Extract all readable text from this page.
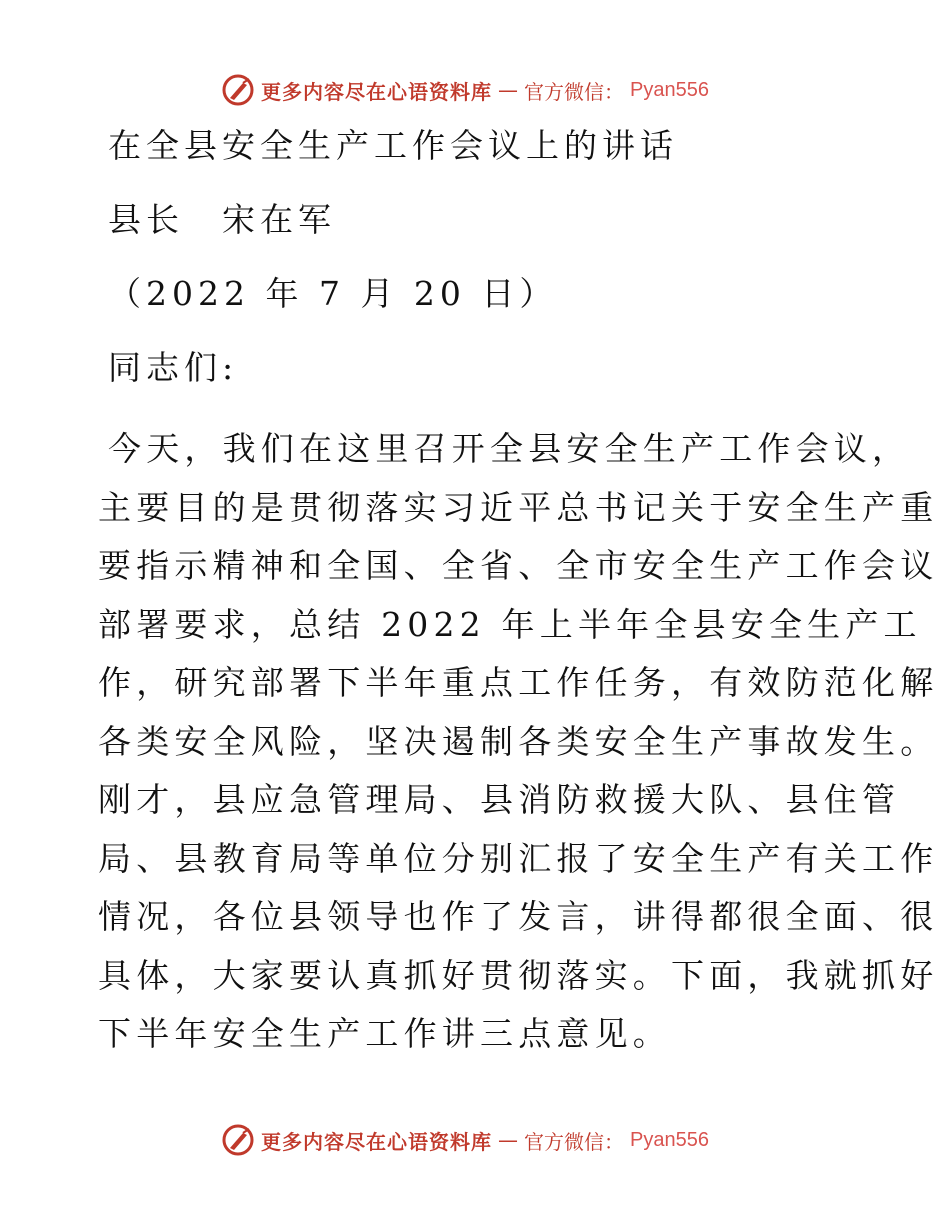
更多内容尽在心语资料库 — 官方微信： Pyan556
在全县安全生产工作会议上的讲话
县长　宋在军
（2022 年 7 月 20 日）
同志们:
今天，我们在这里召开全县安全生产工作会议，
主要目的是贯彻落实习近平总书记关于安全生产重
要指示精神和全国、全省、全市安全生产工作会议
部署要求，总结 2022 年上半年全县安全生产工
作，研究部署下半年重点工作任务，有效防范化解
各类安全风险，坚决遏制各类安全生产事故发生。
刚才，县应急管理局、县消防救援大队、县住管
局、县教育局等单位分别汇报了安全生产有关工作
情况，各位县领导也作了发言，讲得都很全面、很
具体，大家要认真抓好贯彻落实。下面，我就抓好
下半年安全生产工作讲三点意见。
更多内容尽在心语资料库 — 官方微信： Pyan556
